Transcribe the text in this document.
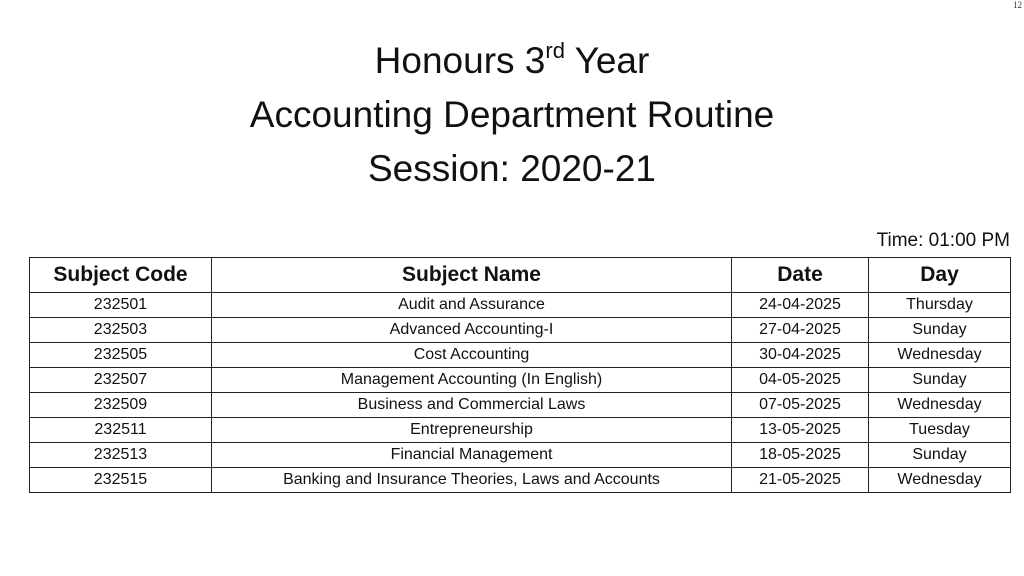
12
Honours 3rd Year
Accounting Department Routine
Session: 2020-21
Time: 01:00 PM
Subject Code	Subject Name	Date	Day
232501	Audit and Assurance	24-04-2025	Thursday
232503	Advanced Accounting-I	27-04-2025	Sunday
232505	Cost Accounting	30-04-2025	Wednesday
232507	Management Accounting (In English)	04-05-2025	Sunday
232509	Business and Commercial Laws	07-05-2025	Wednesday
232511	Entrepreneurship	13-05-2025	Tuesday
232513	Financial Management	18-05-2025	Sunday
232515	Banking and Insurance Theories, Laws and Accounts	21-05-2025	Wednesday
